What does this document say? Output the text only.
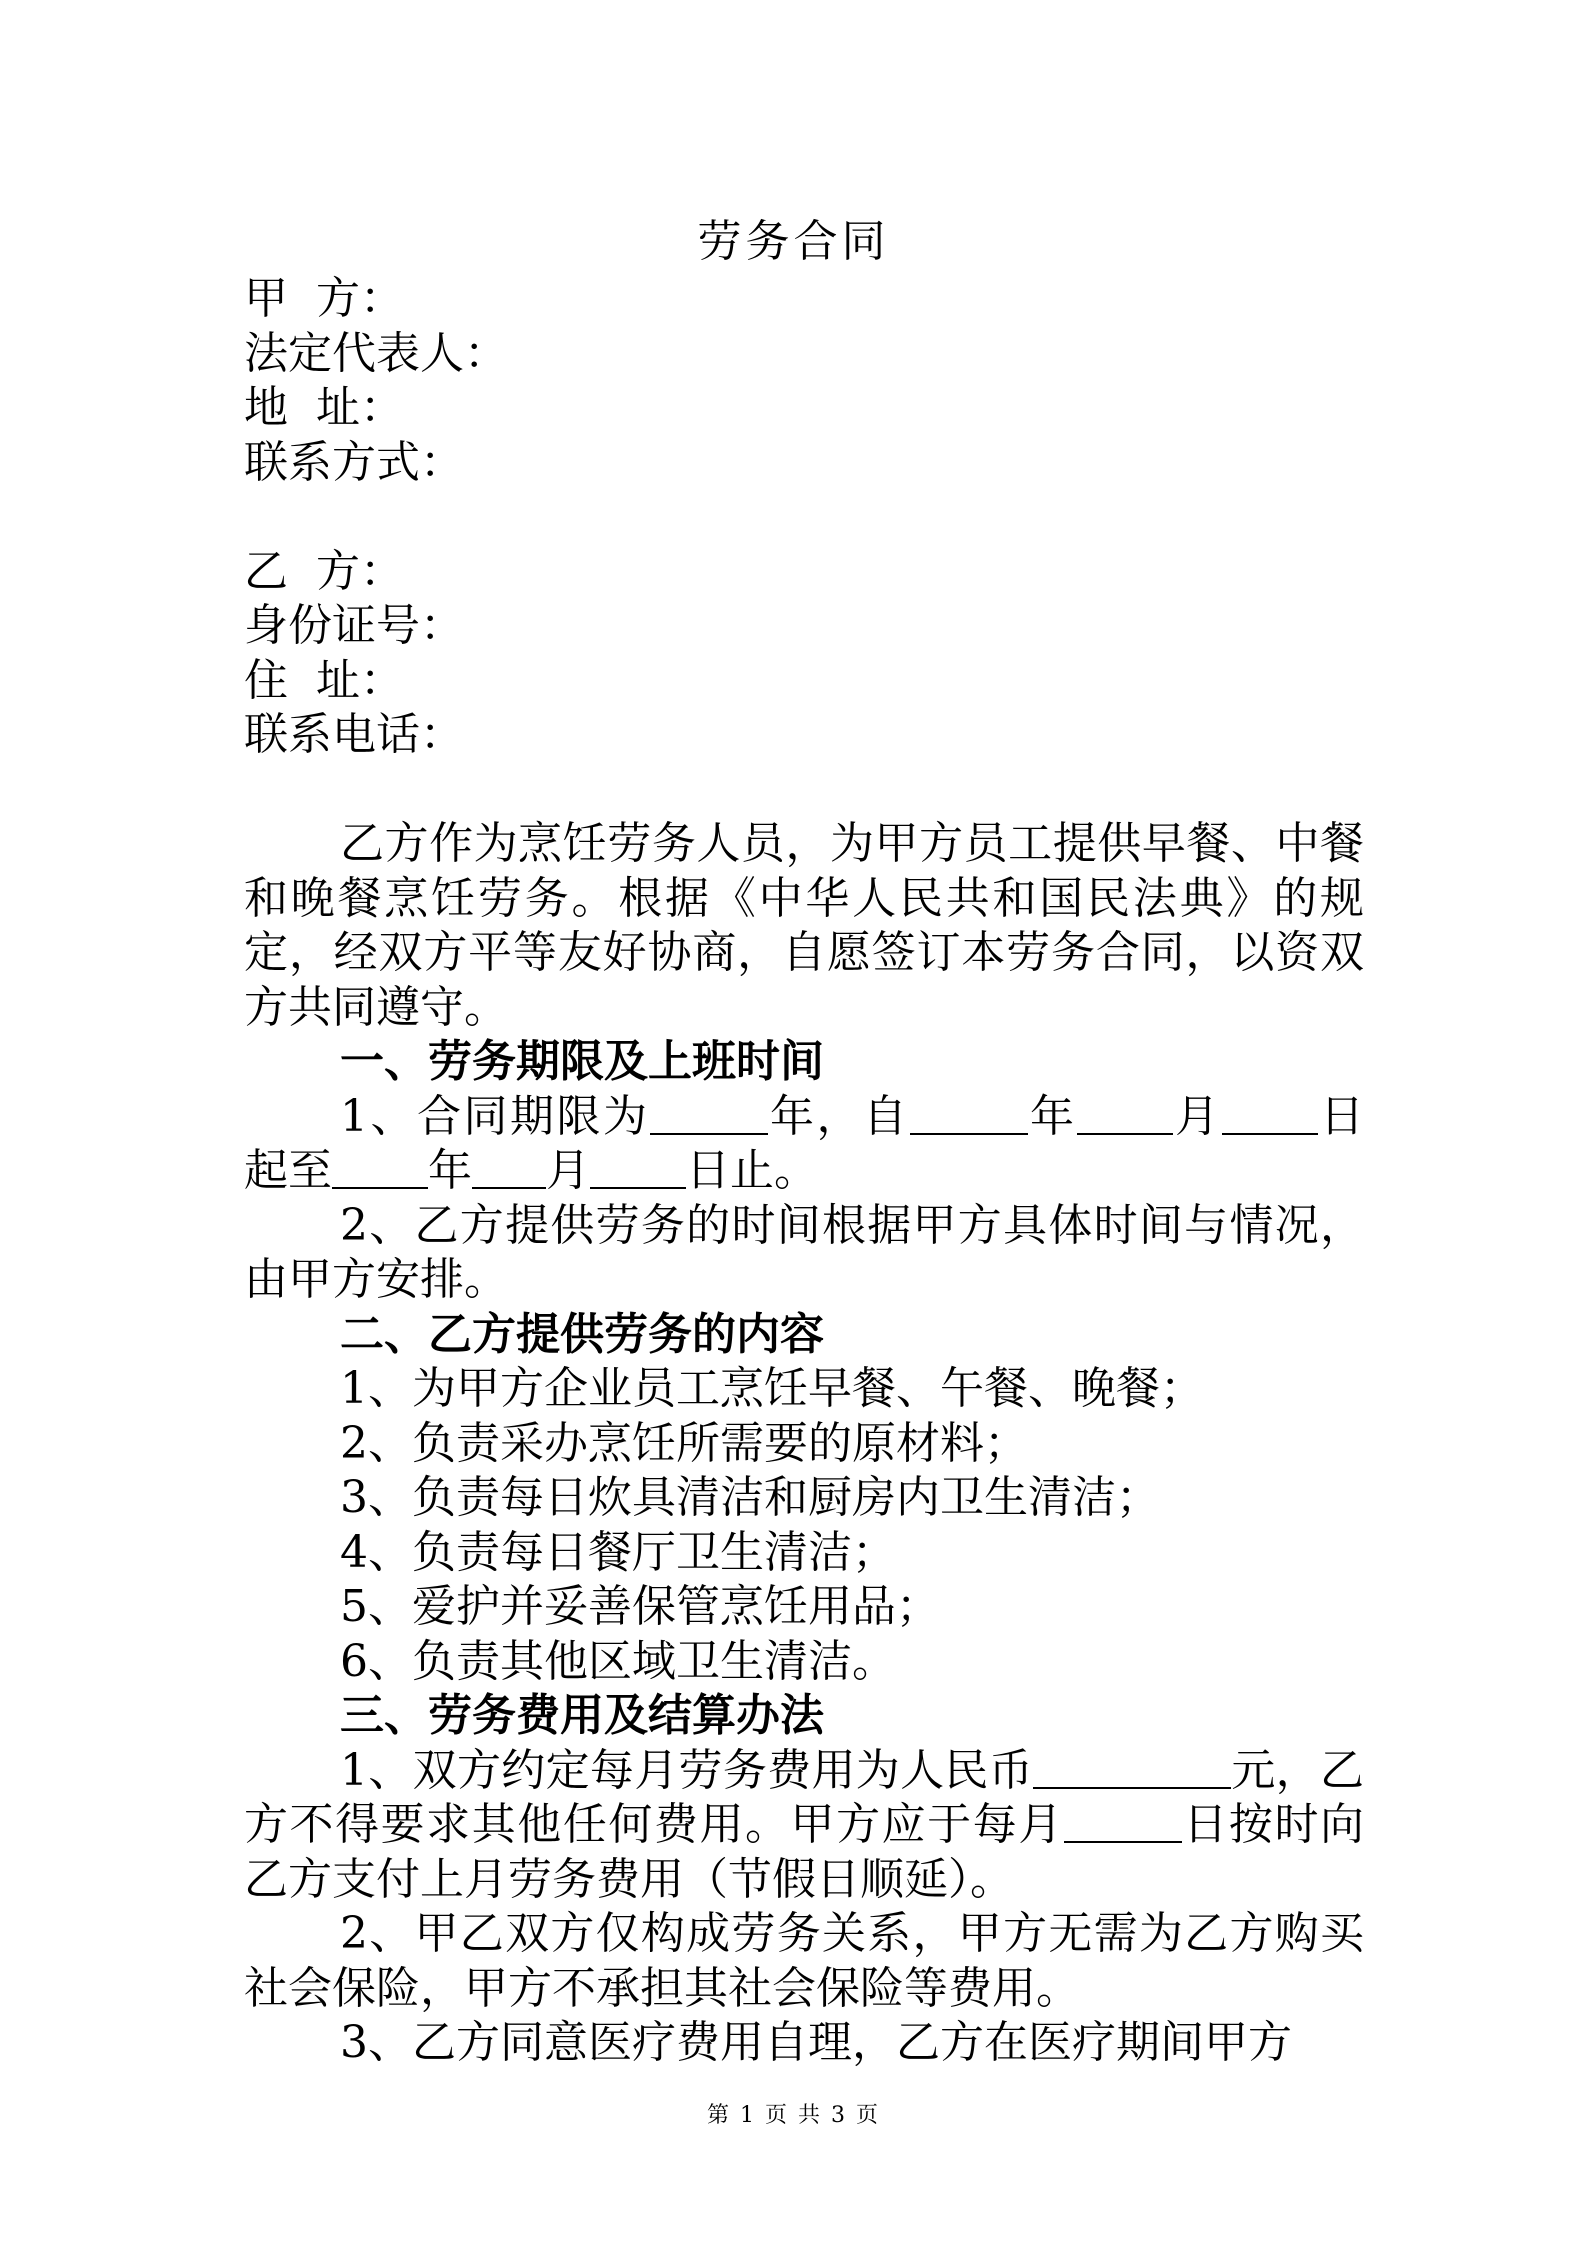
劳务合同
甲  方：
法定代表人：
地  址：
联系方式：
乙  方：
身份证号：
住  址：
联系电话：
乙方作为烹饪劳务人员，为甲方员工提供早餐、中餐和晚餐烹饪劳务。根据《中华人民共和国民法典》的规定，经双方平等友好协商，自愿签订本劳务合同，以资双方共同遵守。
一、劳务期限及上班时间
1、合同期限为	年，自	年 月 日起至 年 月 日止。
2、乙方提供劳务的时间根据甲方具体时间与情况，由甲方安排。
二、乙方提供劳务的内容
1、为甲方企业员工烹饪早餐、午餐、晚餐；
2、负责采办烹饪所需要的原材料；
3、负责每日炊具清洁和厨房内卫生清洁；
4、负责每日餐厅卫生清洁；
5、爱护并妥善保管烹饪用品；
6、负责其他区域卫生清洁。
三、劳务费用及结算办法
1、双方约定每月劳务费用为人民币	元，乙方不得要求其他任何费用。甲方应于每月	日按时向乙方支付上月劳务费用（节假日顺延）。
2、甲乙双方仅构成劳务关系，甲方无需为乙方购买社会保险，甲方不承担其社会保险等费用。
3、乙方同意医疗费用自理，乙方在医疗期间甲方
第 1 页 共 3 页
